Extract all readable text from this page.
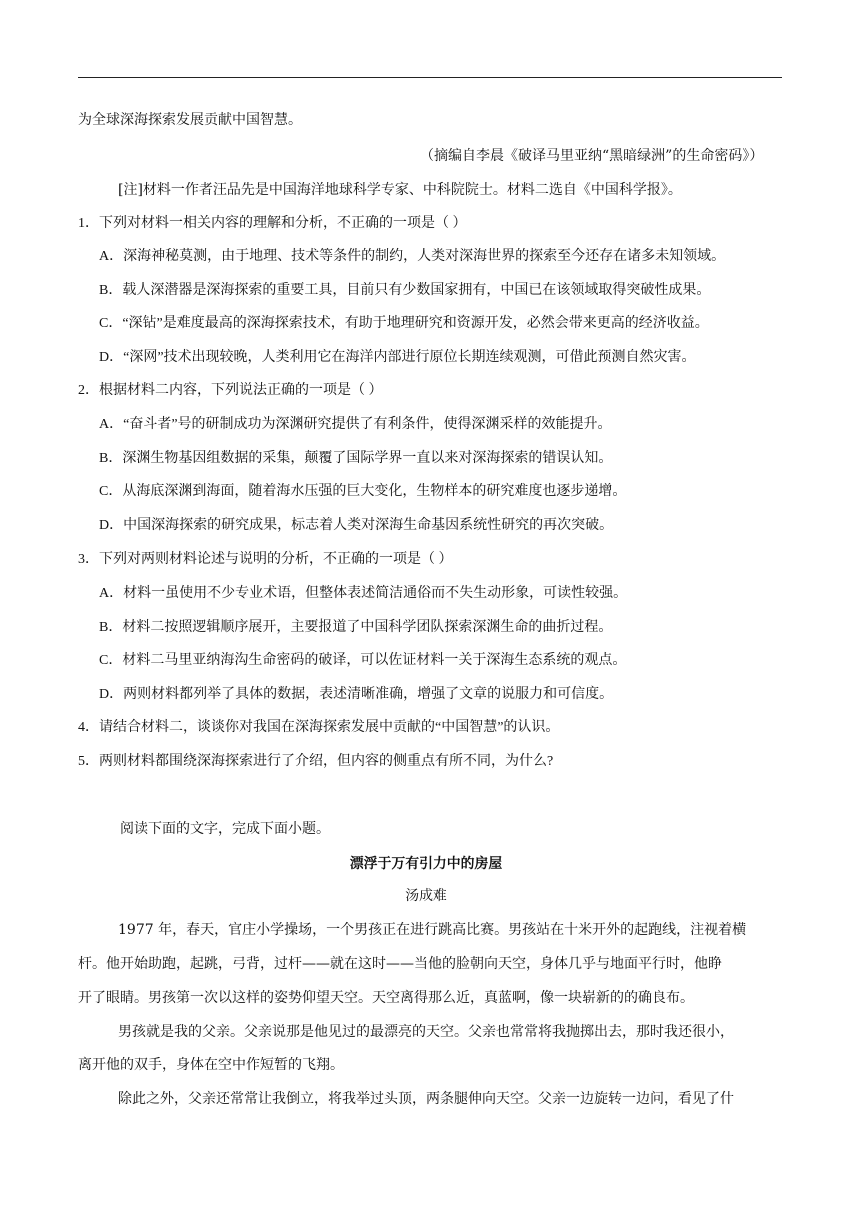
为全球深海探索发展贡献中国智慧。
（摘编自李晨《破译马里亚纳“黑暗绿洲”的生命密码》）
[注]材料一作者汪品先是中国海洋地球科学专家、中科院院士。材料二选自《中国科学报》。
1．下列对材料一相关内容的理解和分析，不正确的一项是（ ）
A．深海神秘莫测，由于地理、技术等条件的制约，人类对深海世界的探索至今还存在诸多未知领域。
B．载人深潜器是深海探索的重要工具，目前只有少数国家拥有，中国已在该领域取得突破性成果。
C．“深钻”是难度最高的深海探索技术，有助于地理研究和资源开发，必然会带来更高的经济收益。
D．“深网”技术出现较晚，人类利用它在海洋内部进行原位长期连续观测，可借此预测自然灾害。
2．根据材料二内容，下列说法正确的一项是（ ）
A．“奋斗者”号的研制成功为深渊研究提供了有利条件，使得深渊采样的效能提升。
B．深渊生物基因组数据的采集，颠覆了国际学界一直以来对深海探索的错误认知。
C．从海底深渊到海面，随着海水压强的巨大变化，生物样本的研究难度也逐步递增。
D．中国深海探索的研究成果，标志着人类对深海生命基因系统性研究的再次突破。
3．下列对两则材料论述与说明的分析，不正确的一项是（ ）
A．材料一虽使用不少专业术语，但整体表述简洁通俗而不失生动形象，可读性较强。
B．材料二按照逻辑顺序展开，主要报道了中国科学团队探索深渊生命的曲折过程。
C．材料二马里亚纳海沟生命密码的破译，可以佐证材料一关于深海生态系统的观点。
D．两则材料都列举了具体的数据，表述清晰准确，增强了文章的说服力和可信度。
4．请结合材料二，谈谈你对我国在深海探索发展中贡献的“中国智慧”的认识。
5．两则材料都围绕深海探索进行了介绍，但内容的侧重点有所不同，为什么?
阅读下面的文字，完成下面小题。
漂浮于万有引力中的房屋
汤成难
1977 年，春天，官庄小学操场，一个男孩正在进行跳高比赛。男孩站在十米开外的起跑线，注视着横
杆。他开始助跑，起跳，弓背，过杆——就在这时——当他的脸朝向天空，身体几乎与地面平行时，他睁
开了眼睛。男孩第一次以这样的姿势仰望天空。天空离得那么近，真蓝啊，像一块崭新的的确良布。
男孩就是我的父亲。父亲说那是他见过的最漂亮的天空。父亲也常常将我抛掷出去，那时我还很小，
离开他的双手，身体在空中作短暂的飞翔。
除此之外，父亲还常常让我倒立，将我举过头顶，两条腿伸向天空。父亲一边旋转一边问，看见了什
